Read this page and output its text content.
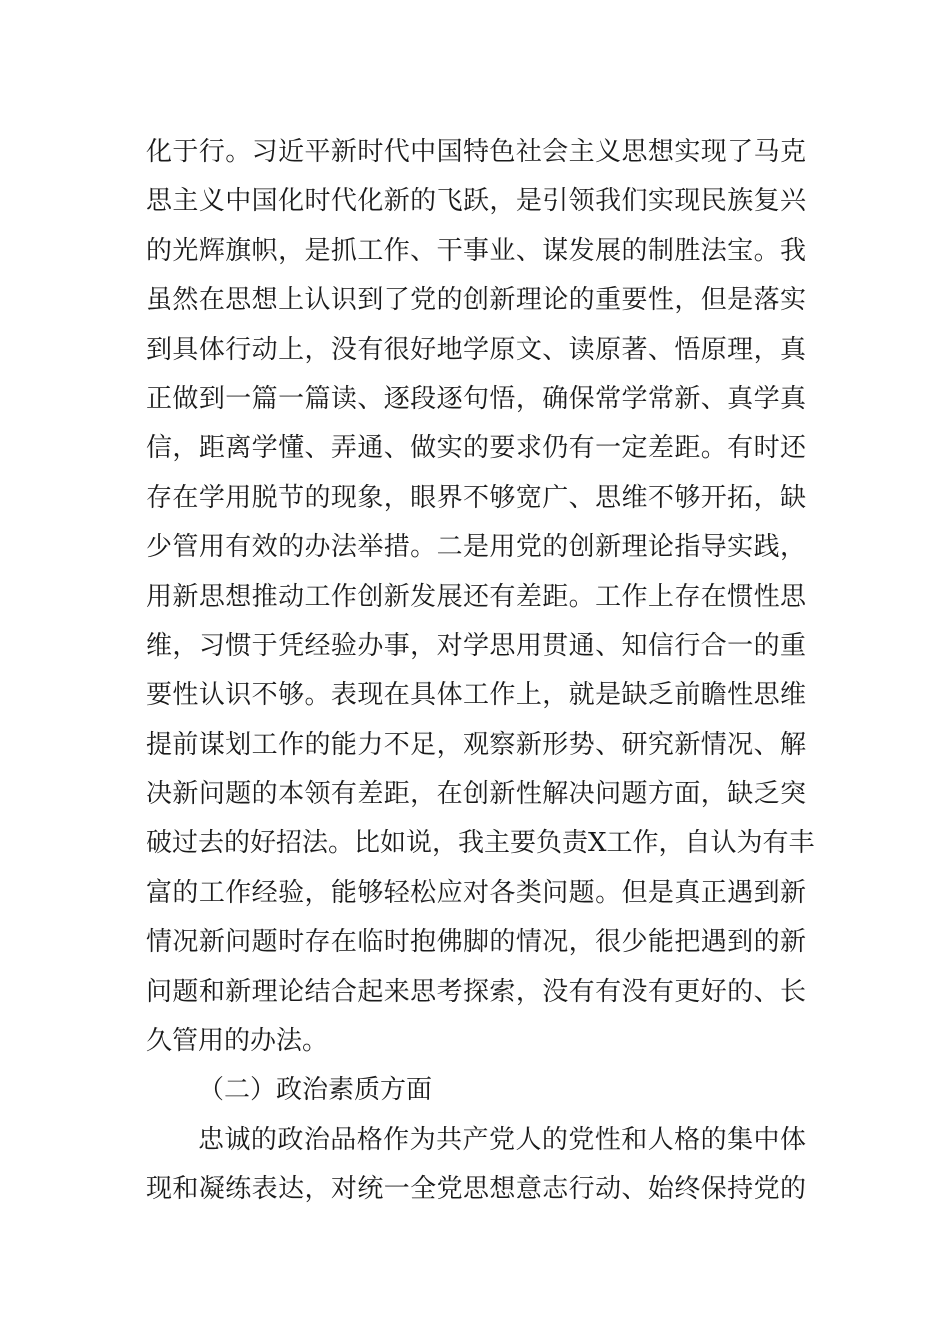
化于行。习近平新时代中国特色社会主义思想实现了马克
思主义中国化时代化新的飞跃，是引领我们实现民族复兴
的光辉旗帜，是抓工作、干事业、谋发展的制胜法宝。我
虽然在思想上认识到了党的创新理论的重要性，但是落实
到具体行动上，没有很好地学原文、读原著、悟原理，真
正做到一篇一篇读、逐段逐句悟，确保常学常新、真学真
信，距离学懂、弄通、做实的要求仍有一定差距。有时还
存在学用脱节的现象，眼界不够宽广、思维不够开拓，缺
少管用有效的办法举措。二是用党的创新理论指导实践，
用新思想推动工作创新发展还有差距。工作上存在惯性思
维，习惯于凭经验办事，对学思用贯通、知信行合一的重
要性认识不够。表现在具体工作上，就是缺乏前瞻性思维
提前谋划工作的能力不足，观察新形势、研究新情况、解
决新问题的本领有差距，在创新性解决问题方面，缺乏突
破过去的好招法。比如说，我主要负责X工作，自认为有丰
富的工作经验，能够轻松应对各类问题。但是真正遇到新
情况新问题时存在临时抱佛脚的情况，很少能把遇到的新
问题和新理论结合起来思考探索，没有有没有更好的、长
久管用的办法。
（二）政治素质方面
忠诚的政治品格作为共产党人的党性和人格的集中体
现和凝练表达，对统一全党思想意志行动、始终保持党的
